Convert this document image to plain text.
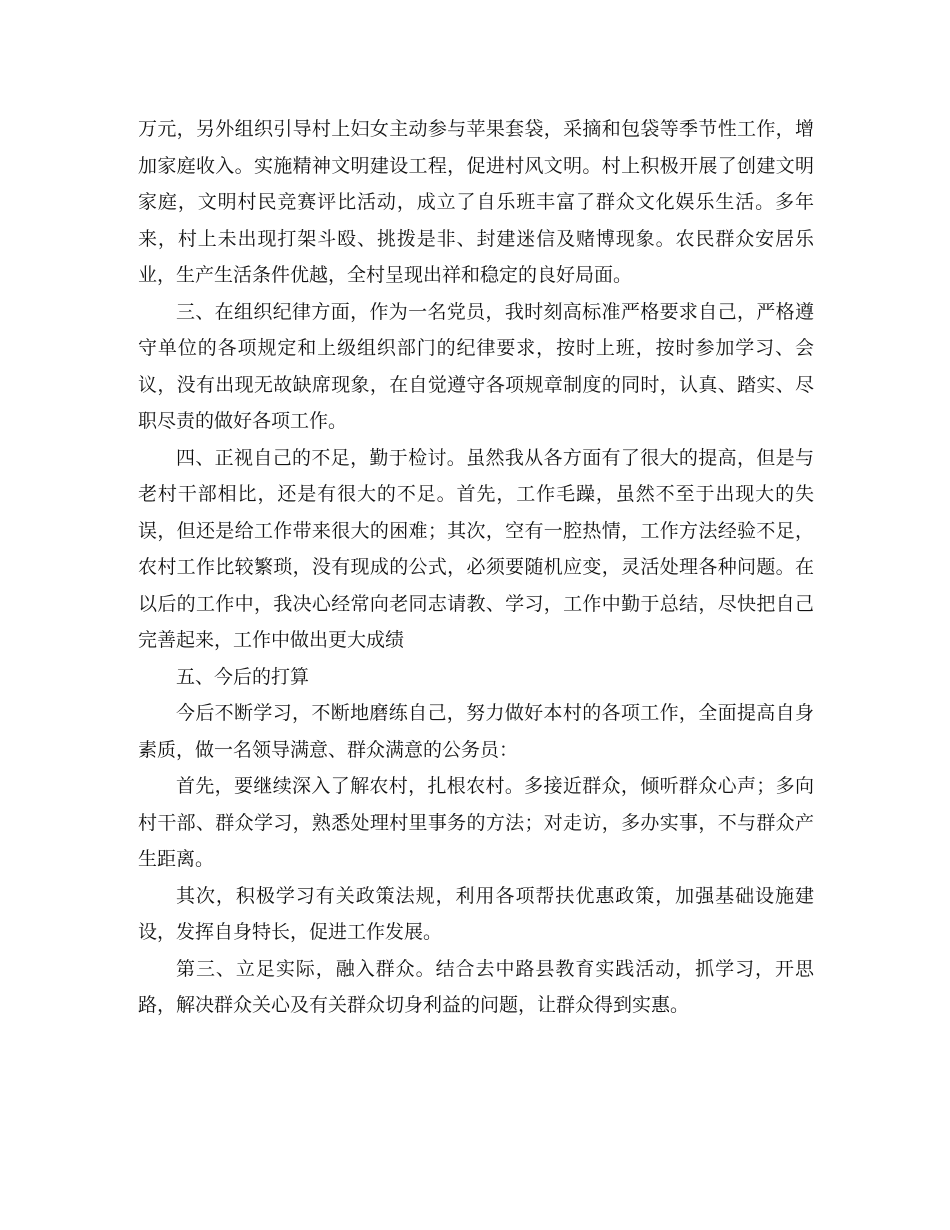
万元，另外组织引导村上妇女主动参与苹果套袋，采摘和包袋等季节性工作，增加家庭收入。实施精神文明建设工程，促进村风文明。村上积极开展了创建文明家庭，文明村民竞赛评比活动，成立了自乐班丰富了群众文化娱乐生活。多年来，村上未出现打架斗殴、挑拨是非、封建迷信及赌博现象。农民群众安居乐业，生产生活条件优越，全村呈现出祥和稳定的良好局面。

三、在组织纪律方面，作为一名党员，我时刻高标准严格要求自己，严格遵守单位的各项规定和上级组织部门的纪律要求，按时上班，按时参加学习、会议，没有出现无故缺席现象，在自觉遵守各项规章制度的同时，认真、踏实、尽职尽责的做好各项工作。

四、正视自己的不足，勤于检讨。虽然我从各方面有了很大的提高，但是与老村干部相比，还是有很大的不足。首先，工作毛躁，虽然不至于出现大的失误，但还是给工作带来很大的困难；其次，空有一腔热情，工作方法经验不足，农村工作比较繁琐，没有现成的公式，必须要随机应变，灵活处理各种问题。在以后的工作中，我决心经常向老同志请教、学习，工作中勤于总结，尽快把自己完善起来，工作中做出更大成绩

五、今后的打算

今后不断学习，不断地磨练自己，努力做好本村的各项工作，全面提高自身素质，做一名领导满意、群众满意的公务员：

首先，要继续深入了解农村，扎根农村。多接近群众，倾听群众心声；多向村干部、群众学习，熟悉处理村里事务的方法；对走访，多办实事，不与群众产生距离。

其次，积极学习有关政策法规，利用各项帮扶优惠政策，加强基础设施建设，发挥自身特长，促进工作发展。

第三、立足实际，融入群众。结合去中路县教育实践活动，抓学习，开思路，解决群众关心及有关群众切身利益的问题，让群众得到实惠。
